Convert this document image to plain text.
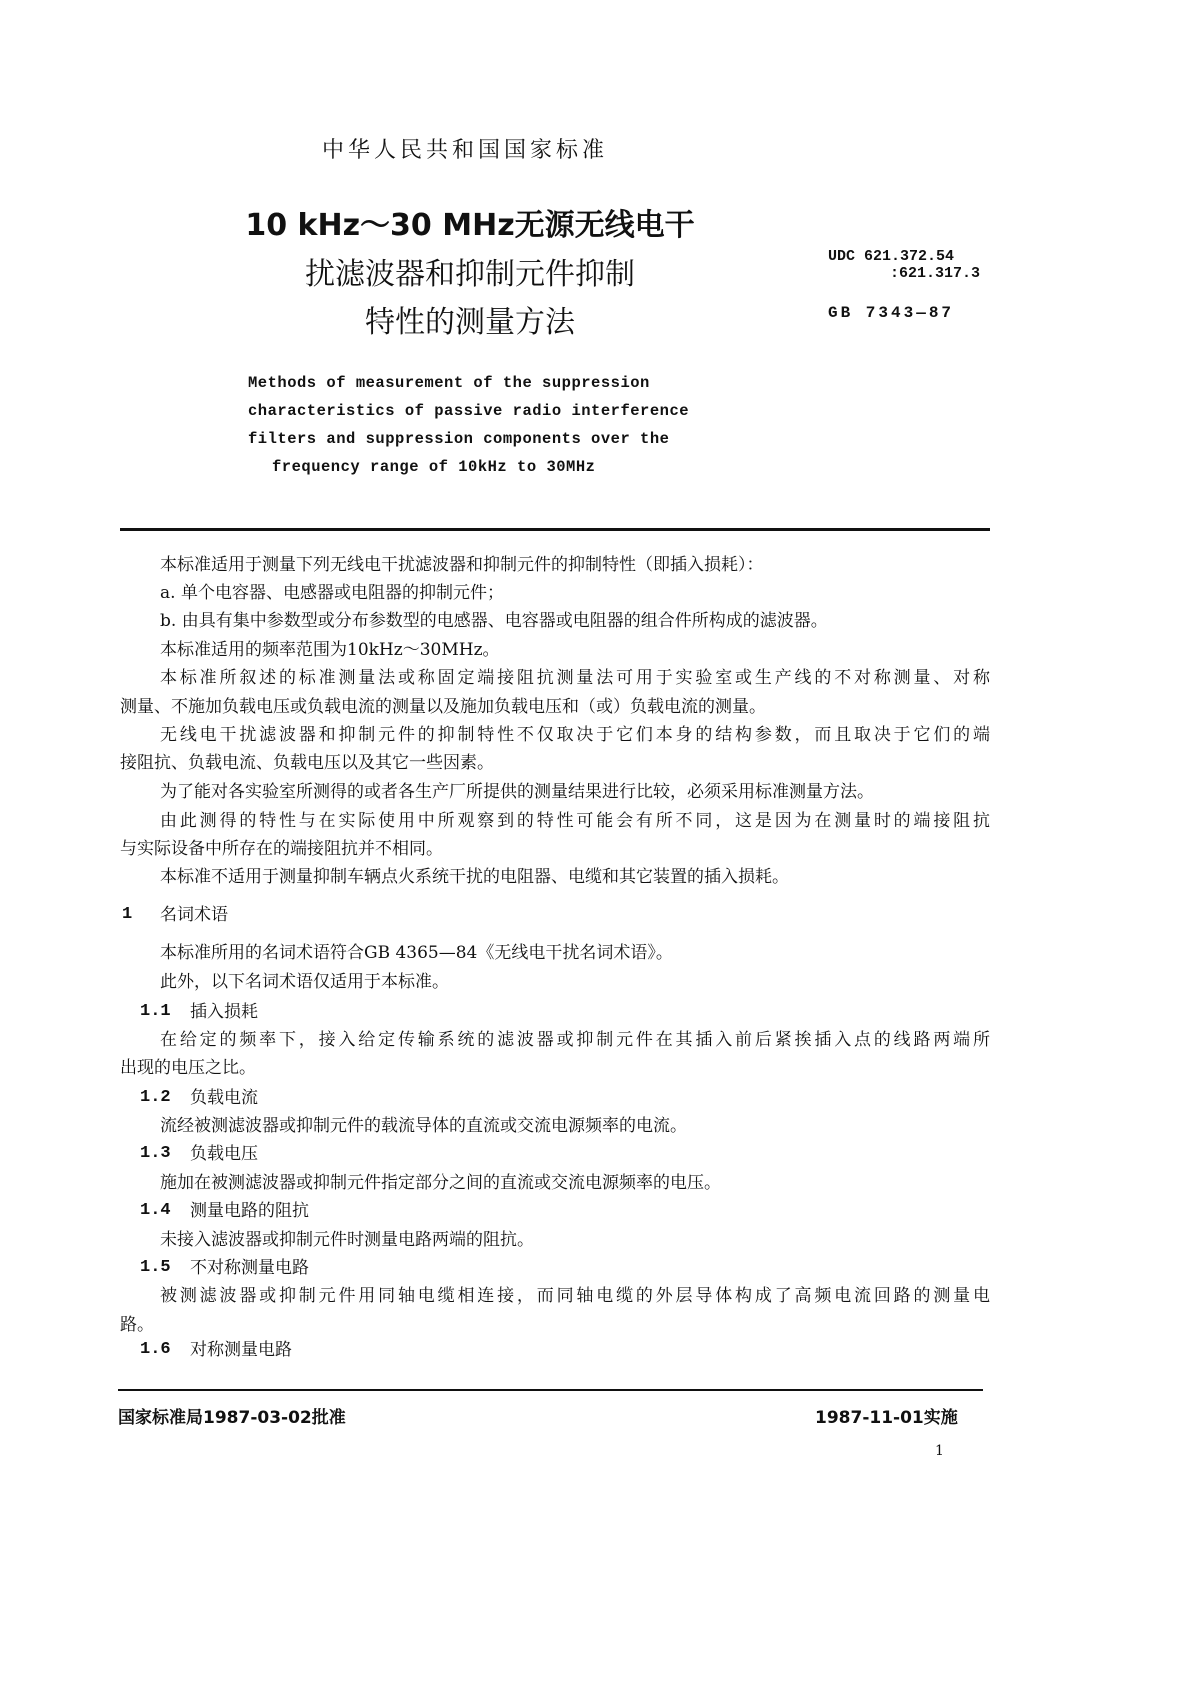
中华人民共和国国家标准
10 kHz～30 MHz无源无线电干
扰滤波器和抑制元件抑制
特性的测量方法
UDC 621.372.54
:621.317.3
GB 7343—87
Methods of measurement of the suppression
characteristics of passive radio interference
filters and suppression components over the
frequency range of 10kHz to 30MHz
本标准适用于测量下列无线电干扰滤波器和抑制元件的抑制特性（即插入损耗）：
a. 单个电容器、电感器或电阻器的抑制元件；
b. 由具有集中参数型或分布参数型的电感器、电容器或电阻器的组合件所构成的滤波器。
本标准适用的频率范围为10kHz～30MHz。
本标准所叙述的标准测量法或称固定端接阻抗测量法可用于实验室或生产线的不对称测量、对称
测量、不施加负载电压或负载电流的测量以及施加负载电压和（或）负载电流的测量。
无线电干扰滤波器和抑制元件的抑制特性不仅取决于它们本身的结构参数，而且取决于它们的端
接阻抗、负载电流、负载电压以及其它一些因素。
为了能对各实验室所测得的或者各生产厂所提供的测量结果进行比较，必须采用标准测量方法。
由此测得的特性与在实际使用中所观察到的特性可能会有所不同，这是因为在测量时的端接阻抗
与实际设备中所存在的端接阻抗并不相同。
本标准不适用于测量抑制车辆点火系统干扰的电阻器、电缆和其它装置的插入损耗。
1 名词术语
本标准所用的名词术语符合GB 4365—84《无线电干扰名词术语》。
此外，以下名词术语仅适用于本标准。
1.1 插入损耗
在给定的频率下，接入给定传输系统的滤波器或抑制元件在其插入前后紧挨插入点的线路两端所
出现的电压之比。
1.2 负载电流
流经被测滤波器或抑制元件的载流导体的直流或交流电源频率的电流。
1.3 负载电压
施加在被测滤波器或抑制元件指定部分之间的直流或交流电源频率的电压。
1.4 测量电路的阻抗
未接入滤波器或抑制元件时测量电路两端的阻抗。
1.5 不对称测量电路
被测滤波器或抑制元件用同轴电缆相连接，而同轴电缆的外层导体构成了高频电流回路的测量电
路。
1.6 对称测量电路
国家标准局1987-03-02批准	1987-11-01实施
1
